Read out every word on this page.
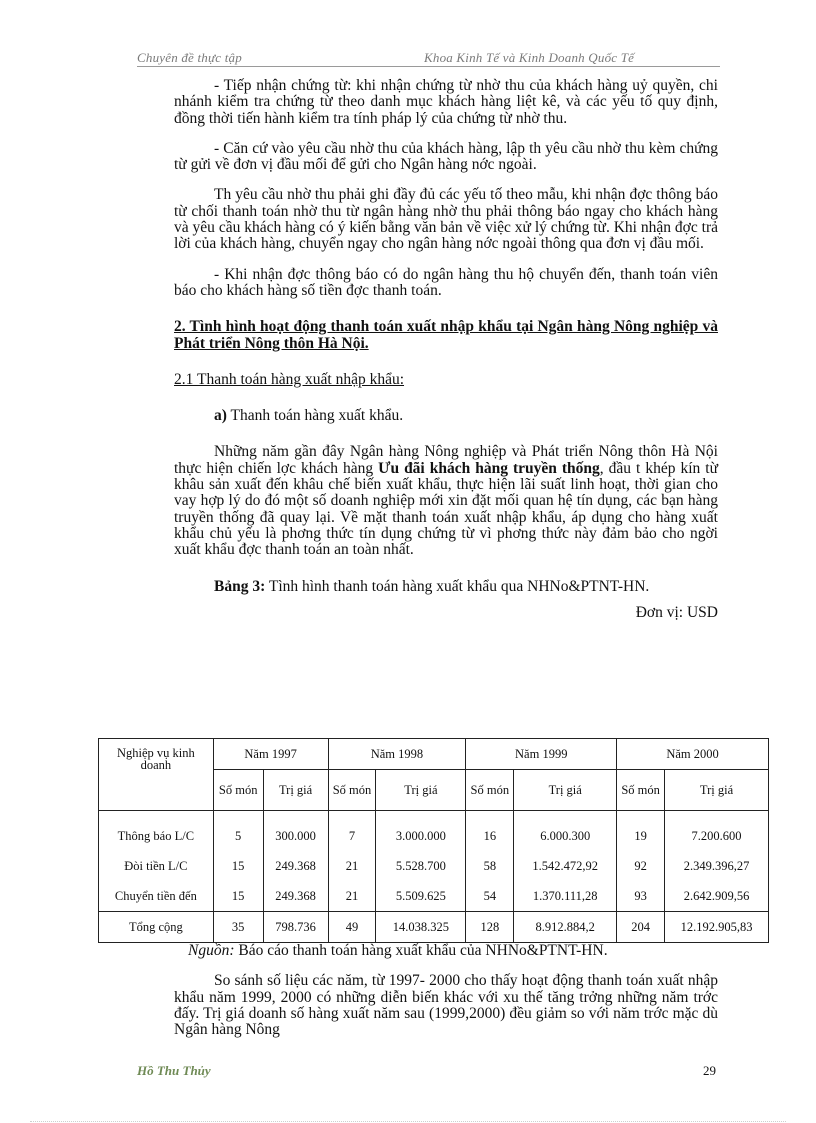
Chuyên đề thực tập	Khoa Kinh Tế và Kinh Doanh Quốc Tế

- Tiếp nhận chứng từ: khi nhận chứng từ nhờ thu của khách hàng uỷ quyền, chi nhánh kiểm tra chứng từ theo danh mục khách hàng liệt kê, và các yếu tố quy định, đồng thời tiến hành kiểm tra tính pháp lý của chứng từ nhờ thu.

- Căn cứ vào yêu cầu nhờ thu của khách hàng, lập th yêu cầu nhờ thu kèm chứng từ gửi về đơn vị đầu mối để gửi cho Ngân hàng nớc ngoài.

Th yêu cầu nhờ thu phải ghi đầy đủ các yếu tố theo mẫu, khi nhận đợc thông báo từ chối thanh toán nhờ thu từ ngân hàng nhờ thu phải thông báo ngay cho khách hàng và yêu cầu khách hàng có ý kiến bằng văn bản về việc xử lý chứng từ. Khi nhận đợc trả lời của khách hàng, chuyển ngay cho ngân hàng nớc ngoài thông qua đơn vị đầu mối.

- Khi nhận đợc thông báo có do ngân hàng thu hộ chuyển đến, thanh toán viên báo cho khách hàng số tiền đợc thanh toán.

2. Tình hình hoạt động thanh toán xuất nhập khẩu tại Ngân hàng Nông nghiệp và Phát triển Nông thôn Hà Nội.

2.1 Thanh toán hàng xuất nhập khẩu:

a) Thanh toán hàng xuất khẩu.

Những năm gần đây Ngân hàng Nông nghiệp và Phát triển Nông thôn Hà Nội thực hiện chiến lợc khách hàng Ưu đãi khách hàng truyền thống, đầu t khép kín từ khâu sản xuất đến khâu chế biến xuất khẩu, thực hiện lãi suất linh hoạt, thời gian cho vay hợp lý do đó một số doanh nghiệp mới xin đặt mối quan hệ tín dụng, các bạn hàng truyền thống đã quay lại. Về mặt thanh toán xuất nhập khẩu, áp dụng cho hàng xuất khẩu chủ yếu là phơng thức tín dụng chứng từ vì phơng thức này đảm bảo cho ngời xuất khẩu đợc thanh toán an toàn nhất.

Bảng 3: Tình hình thanh toán hàng xuất khẩu qua NHNo&PTNT-HN.

Đơn vị: USD

Nghiệp vụ kinh doanh	Năm 1997		Năm 1998		Năm 1999		Năm 2000	
	Số món	Trị giá	Số món	Trị giá	Số món	Trị giá	Số món	Trị giá
Thông báo L/C	5	300.000	7	3.000.000	16	6.000.300	19	7.200.600
Đòi tiền L/C	15	249.368	21	5.528.700	58	1.542.472,92	92	2.349.396,27
Chuyển tiền đến	15	249.368	21	5.509.625	54	1.370.111,28	93	2.642.909,56
Tổng cộng	35	798.736	49	14.038.325	128	8.912.884,2	204	12.192.905,83

Nguồn: Báo cáo thanh toán hàng xuất khẩu của NHNo&PTNT-HN.

So sánh số liệu các năm, từ 1997- 2000 cho thấy hoạt động thanh toán xuất nhập khẩu năm 1999, 2000 có những diễn biến khác với xu thế tăng trởng những năm trớc đấy. Trị giá doanh số hàng xuất năm sau (1999,2000) đều giảm so với năm trớc mặc dù Ngân hàng Nông

Hồ Thu Thủy	29
